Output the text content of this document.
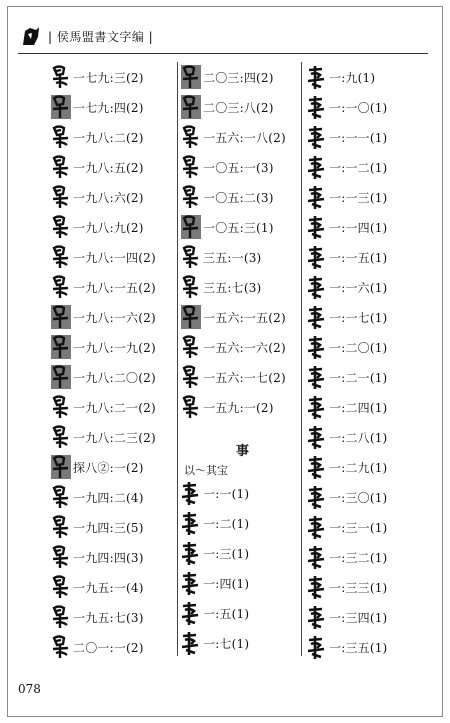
| 侯馬盟書文字编 |
一七九:三(2)
一七九:四(2)
一九八:二(2)
一九八:五(2)
一九八:六(2)
一九八:九(2)
一九八:一四(2)
一九八:一五(2)
一九八:一六(2)
一九八:一九(2)
一九八:二〇(2)
一九八:二一(2)
一九八:二三(2)
探八②:一(2)
一九四:二(4)
一九四:三(5)
一九四:四(3)
一九五:一(4)
一九五:七(3)
二〇一:一(2)
二〇三:四(2)
二〇三:八(2)
一五六:一八(2)
一〇五:一(3)
一〇五:二(3)
一〇五:三(1)
三五:一(3)
三五:七(3)
一五六:一五(2)
一五六:一六(2)
一五六:一七(2)
一五九:一(2)
一:九(1)
一:一〇(1)
一:一一(1)
一:一二(1)
一:一三(1)
一:一四(1)
一:一五(1)
一:一六(1)
一:一七(1)
一:二〇(1)
一:二一(1)
一:二四(1)
一:二八(1)
一:二九(1)
一:三〇(1)
一:三一(1)
一:三二(1)
一:三三(1)
一:三四(1)
一:三五(1)
事
以～其宝
一:一(1)
一:二(1)
一:三(1)
一:四(1)
一:五(1)
一:七(1)
078
